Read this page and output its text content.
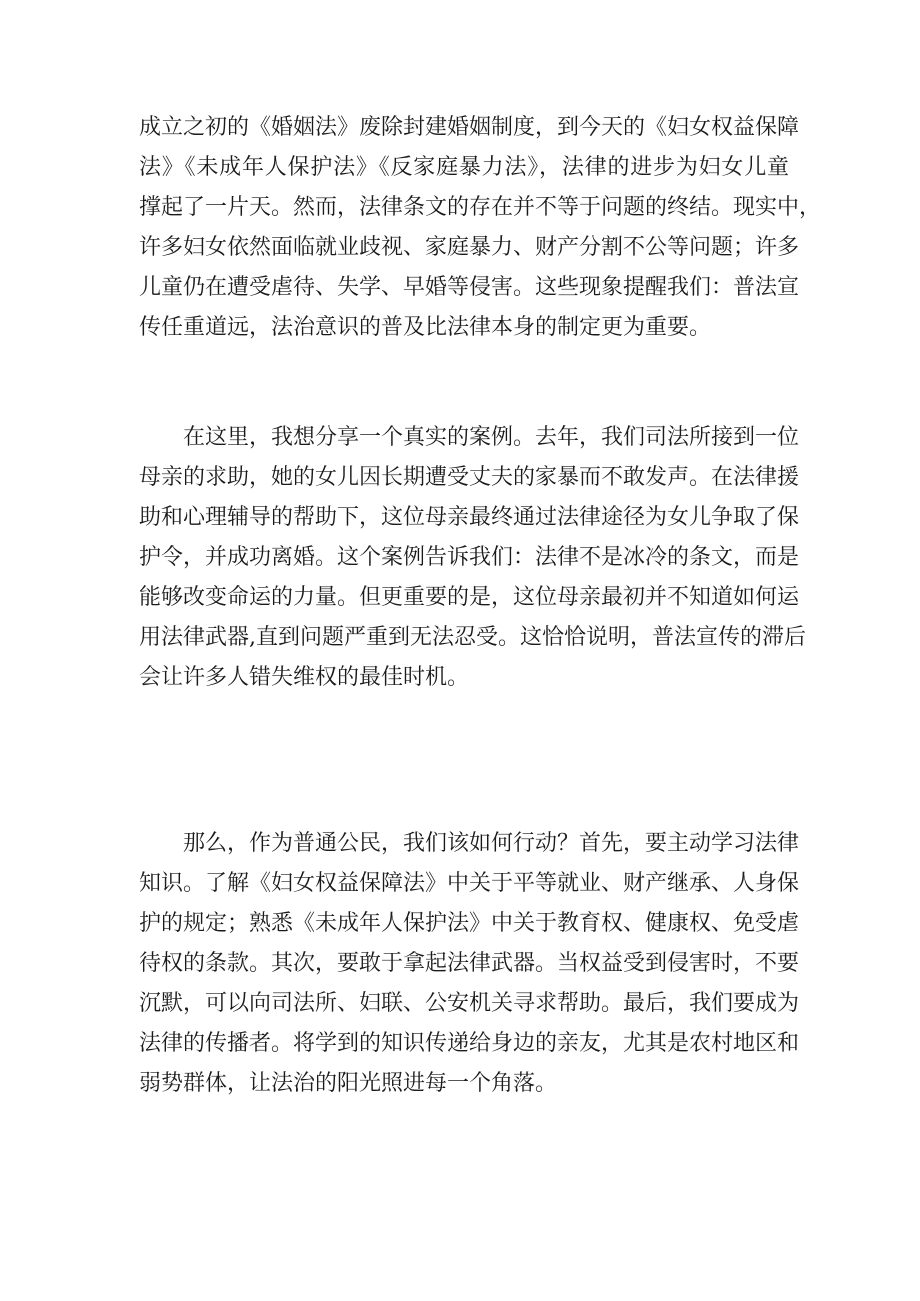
成立之初的《婚姻法》废除封建婚姻制度，到今天的《妇女权益保障
法》《未成年人保护法》《反家庭暴力法》，法律的进步为妇女儿童
撑起了一片天。然而，法律条文的存在并不等于问题的终结。现实中，
许多妇女依然面临就业歧视、家庭暴力、财产分割不公等问题；许多
儿童仍在遭受虐待、失学、早婚等侵害。这些现象提醒我们：普法宣
传任重道远，法治意识的普及比法律本身的制定更为重要。
　　在这里，我想分享一个真实的案例。去年，我们司法所接到一位
母亲的求助，她的女儿因长期遭受丈夫的家暴而不敢发声。在法律援
助和心理辅导的帮助下，这位母亲最终通过法律途径为女儿争取了保
护令，并成功离婚。这个案例告诉我们：法律不是冰冷的条文，而是
能够改变命运的力量。但更重要的是，这位母亲最初并不知道如何运
用法律武器,直到问题严重到无法忍受。这恰恰说明，普法宣传的滞后
会让许多人错失维权的最佳时机。
　　那么，作为普通公民，我们该如何行动？首先，要主动学习法律
知识。了解《妇女权益保障法》中关于平等就业、财产继承、人身保
护的规定；熟悉《未成年人保护法》中关于教育权、健康权、免受虐
待权的条款。其次，要敢于拿起法律武器。当权益受到侵害时，不要
沉默，可以向司法所、妇联、公安机关寻求帮助。最后，我们要成为
法律的传播者。将学到的知识传递给身边的亲友，尤其是农村地区和
弱势群体，让法治的阳光照进每一个角落。
